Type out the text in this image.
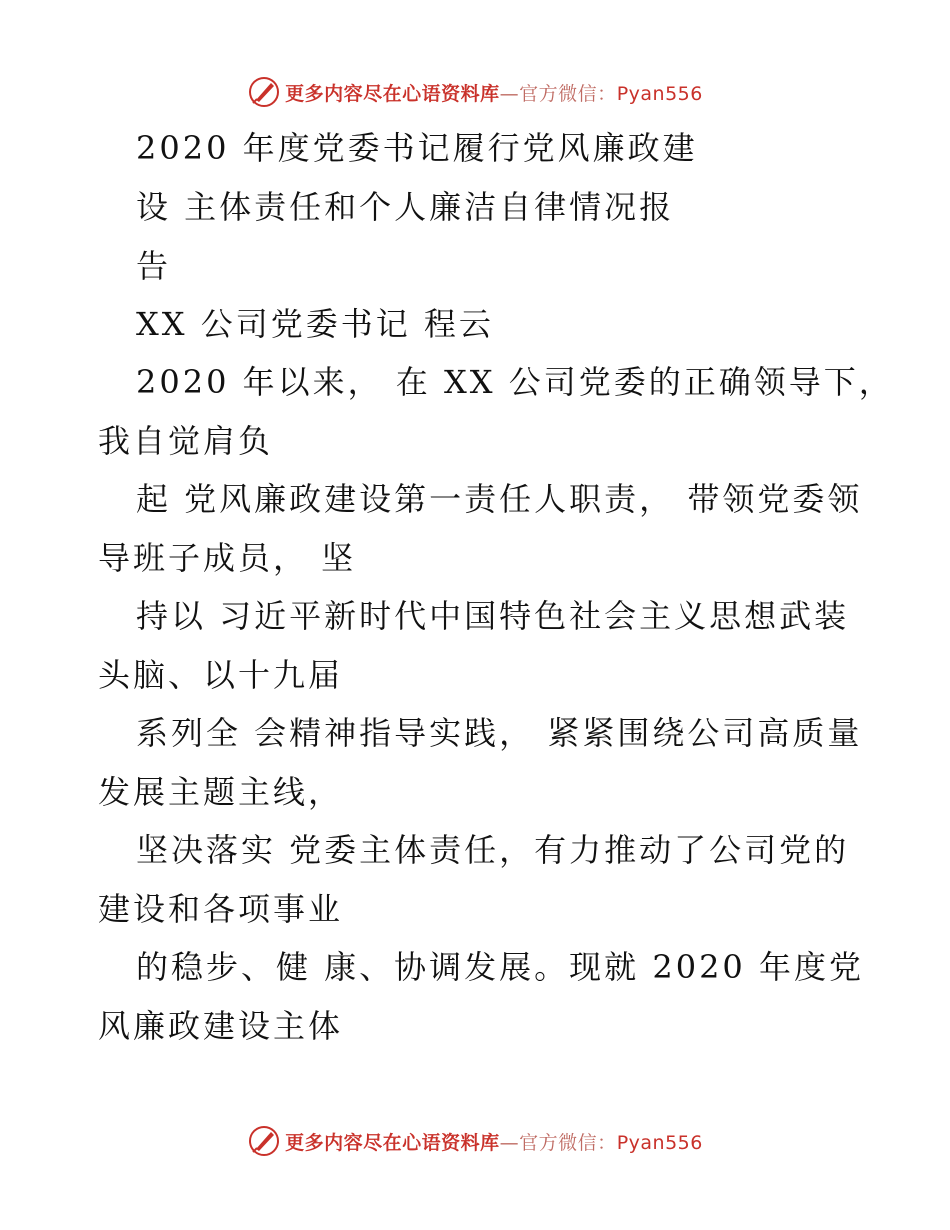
更多内容尽在心语资料库—官方微信：Pyan556
2020 年度党委书记履行党风廉政建
设 主体责任和个人廉洁自律情况报
告
XX 公司党委书记 程云
2020 年以来， 在 XX 公司党委的正确领导下，
我自觉肩负
起 党风廉政建设第一责任人职责， 带领党委领
导班子成员， 坚
持以 习近平新时代中国特色社会主义思想武装
头脑、以十九届
系列全 会精神指导实践， 紧紧围绕公司高质量
发展主题主线，
坚决落实 党委主体责任，有力推动了公司党的
建设和各项事业
的稳步、健 康、协调发展。现就 2020 年度党
风廉政建设主体
更多内容尽在心语资料库—官方微信：Pyan556
